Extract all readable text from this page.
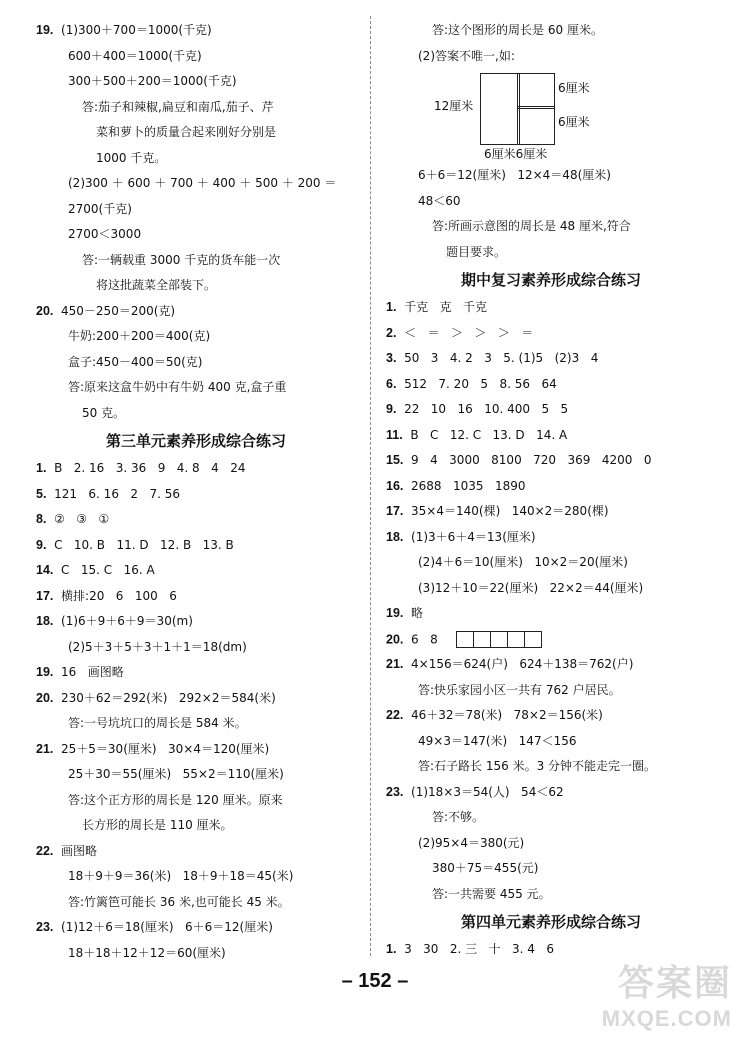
19.  (1)300＋700＝1000(千克)
600＋400＝1000(千克)
300＋500＋200＝1000(千克)
答:茄子和辣椒,扁豆和南瓜,茄子、芹
菜和萝卜的质量合起来刚好分别是
1000 千克。
(2)300 ＋ 600 ＋ 700 ＋ 400 ＋ 500 ＋ 200 ＝
2700(千克)
2700＜3000
答:一辆载重 3000 千克的货车能一次
将这批蔬菜全部装下。
20.  450－250＝200(克)
牛奶:200＋200＝400(克)
盒子:450－400＝50(克)
答:原来这盒牛奶中有牛奶 400 克,盒子重
50 克。
第三单元素养形成综合练习
1.  B   2. 16   3. 36   9   4. 8   4   24
5.  121   6. 16   2   7. 56
8.  ②   ③   ①
9.  C   10. B   11. D   12. B   13. B
14.  C   15. C   16. A
17.  横排:20   6   100   6
18.  (1)6＋9＋6＋9＝30(m)
(2)5＋3＋5＋3＋1＋1＝18(dm)
19.  16   画图略
20.  230＋62＝292(米)   292×2＝584(米)
答:一号坑坑口的周长是 584 米。
21.  25＋5＝30(厘米)   30×4＝120(厘米)
25＋30＝55(厘米)   55×2＝110(厘米)
答:这个正方形的周长是 120 厘米。原来
长方形的周长是 110 厘米。
22.  画图略
18＋9＋9＝36(米)   18＋9＋18＝45(米)
答:竹篱笆可能长 36 米,也可能长 45 米。
23.  (1)12＋6＝18(厘米)   6＋6＝12(厘米)
18＋18＋12＋12＝60(厘米)
答:这个图形的周长是 60 厘米。
(2)答案不唯一,如:
12厘米
6厘米
6厘米
6厘米6厘米
6＋6＝12(厘米)   12×4＝48(厘米)
48＜60
答:所画示意图的周长是 48 厘米,符合
题目要求。
期中复习素养形成综合练习
1.  千克   克   千克
2.  ＜   ＝   ＞   ＞   ＞   ＝
3.  50   3   4. 2   3   5. (1)5   (2)3   4
6.  512   7. 20   5   8. 56   64
9.  22   10   16   10. 400   5   5
11.  B   C   12. C   13. D   14. A
15.  9   4   3000   8100   720   369   4200   0
16.  2688   1035   1890
17.  35×4＝140(棵)   140×2＝280(棵)
18.  (1)3＋6＋4＝13(厘米)
(2)4＋6＝10(厘米)   10×2＝20(厘米)
(3)12＋10＝22(厘米)   22×2＝44(厘米)
19.  略
20.  6   8
21.  4×156＝624(户)   624＋138＝762(户)
答:快乐家园小区一共有 762 户居民。
22.  46＋32＝78(米)   78×2＝156(米)
49×3＝147(米)   147＜156
答:石子路长 156 米。3 分钟不能走完一圈。
23.  (1)18×3＝54(人)   54＜62
答:不够。
(2)95×4＝380(元)
380＋75＝455(元)
答:一共需要 455 元。
第四单元素养形成综合练习
1.  3   30   2. 三   十   3. 4   6
– 152 –	答案圈
MXQE.COM
